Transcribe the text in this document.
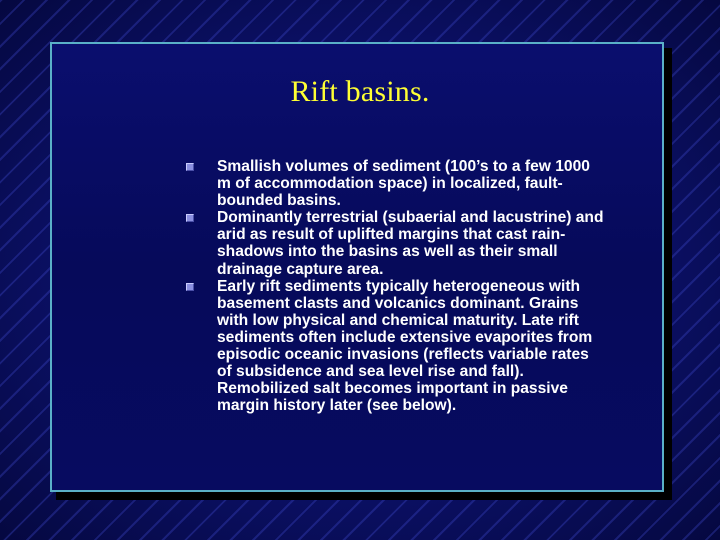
Rift basins.
Smallish volumes of sediment (100’s to a few 1000 m of accommodation space) in localized, fault-bounded basins.
Dominantly terrestrial (subaerial and lacustrine) and arid as result of uplifted margins that cast rain-shadows into the basins as well as their small drainage capture area.
Early rift sediments typically heterogeneous with basement clasts and volcanics dominant. Grains with low physical and chemical maturity. Late rift sediments often include extensive evaporites from episodic oceanic invasions (reflects variable rates of subsidence and sea level rise and fall). Remobilized salt becomes important in passive margin history later (see below).
